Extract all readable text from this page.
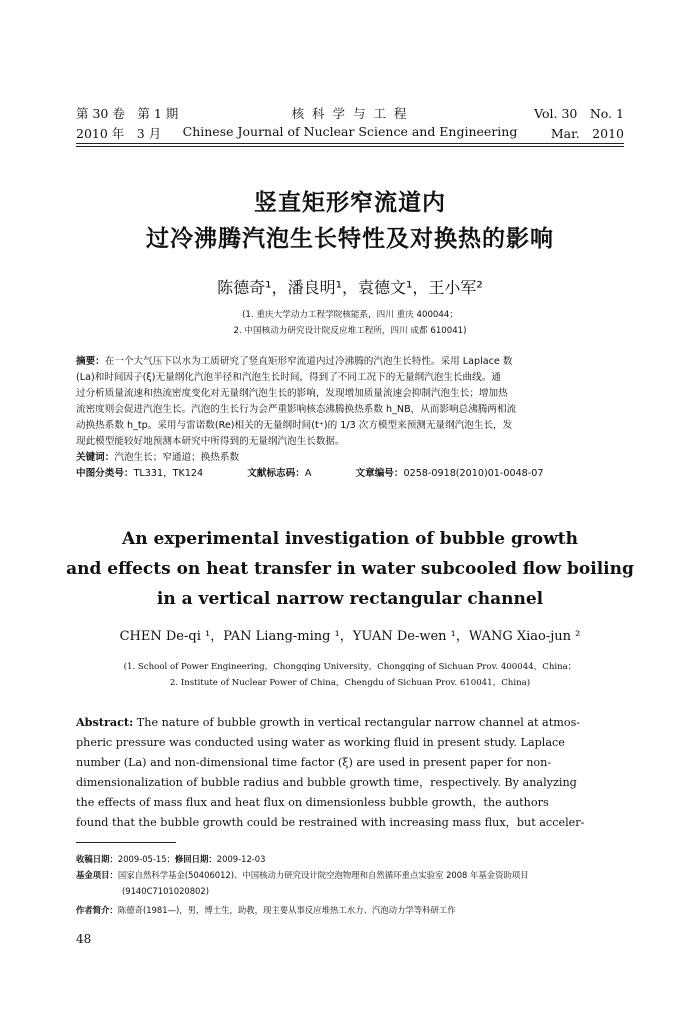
第 30 卷　第 1 期
2010 年　3 月
核 科 学 与 工 程
Chinese Journal of Nuclear Science and Engineering
Vol. 30　No. 1
Mar.　2010
竖直矩形窄流道内
过冷沸腾汽泡生长特性及对换热的影响
陈德奇¹，潘良明¹，袁德文¹，王小军²
(1. 重庆大学动力工程学院核能系，四川 重庆 400044；
2. 中国核动力研究设计院反应堆工程所，四川 成都 610041)
摘要：在一个大气压下以水为工质研究了竖直矩形窄流道内过冷沸腾的汽泡生长特性。采用 Laplace 数
(La)和时间因子(ξ)无量纲化汽泡半径和汽泡生长时间，得到了不同工况下的无量纲汽泡生长曲线。通
过分析质量流速和热流密度变化对无量纲汽泡生长的影响，发现增加质量流速会抑制汽泡生长；增加热
流密度则会促进汽泡生长。汽泡的生长行为会严重影响核态沸腾换热系数 h_NB，从而影响总沸腾两相流
动换热系数 h_tp。采用与雷诺数(Re)相关的无量纲时间(t⁺)的 1/3 次方模型来预测无量纲汽泡生长，发
现此模型能较好地预测本研究中所得到的无量纲汽泡生长数据。
关键词：汽泡生长；窄通道；换热系数
中图分类号：TL331，TK124	文献标志码：A	文章编号：0258-0918(2010)01-0048-07
An experimental investigation of bubble growth
and effects on heat transfer in water subcooled flow boiling
in a vertical narrow rectangular channel
CHEN De-qi ¹，PAN Liang-ming ¹，YUAN De-wen ¹，WANG Xiao-jun ²
(1. School of Power Engineering，Chongqing University，Chongqing of Sichuan Prov. 400044，China；
2. Institute of Nuclear Power of China，Chengdu of Sichuan Prov. 610041，China)
Abstract: The nature of bubble growth in vertical rectangular narrow channel at atmos-
pheric pressure was conducted using water as working fluid in present study. Laplace
number (La) and non-dimensional time factor (ξ) are used in present paper for non-
dimensionalization of bubble radius and bubble growth time，respectively. By analyzing
the effects of mass flux and heat flux on dimensionless bubble growth，the authors
found that the bubble growth could be restrained with increasing mass flux，but acceler-
收稿日期：2009-05-15；修回日期：2009-12-03
基金项目：国家自然科学基金(50406012)、中国核动力研究设计院空泡物理和自然循环重点实验室 2008 年基金资助项目
(9140C7101020802)
作者简介：陈德奇(1981—)，男，博士生，助教，现主要从事反应堆热工水力、汽泡动力学等科研工作
48
